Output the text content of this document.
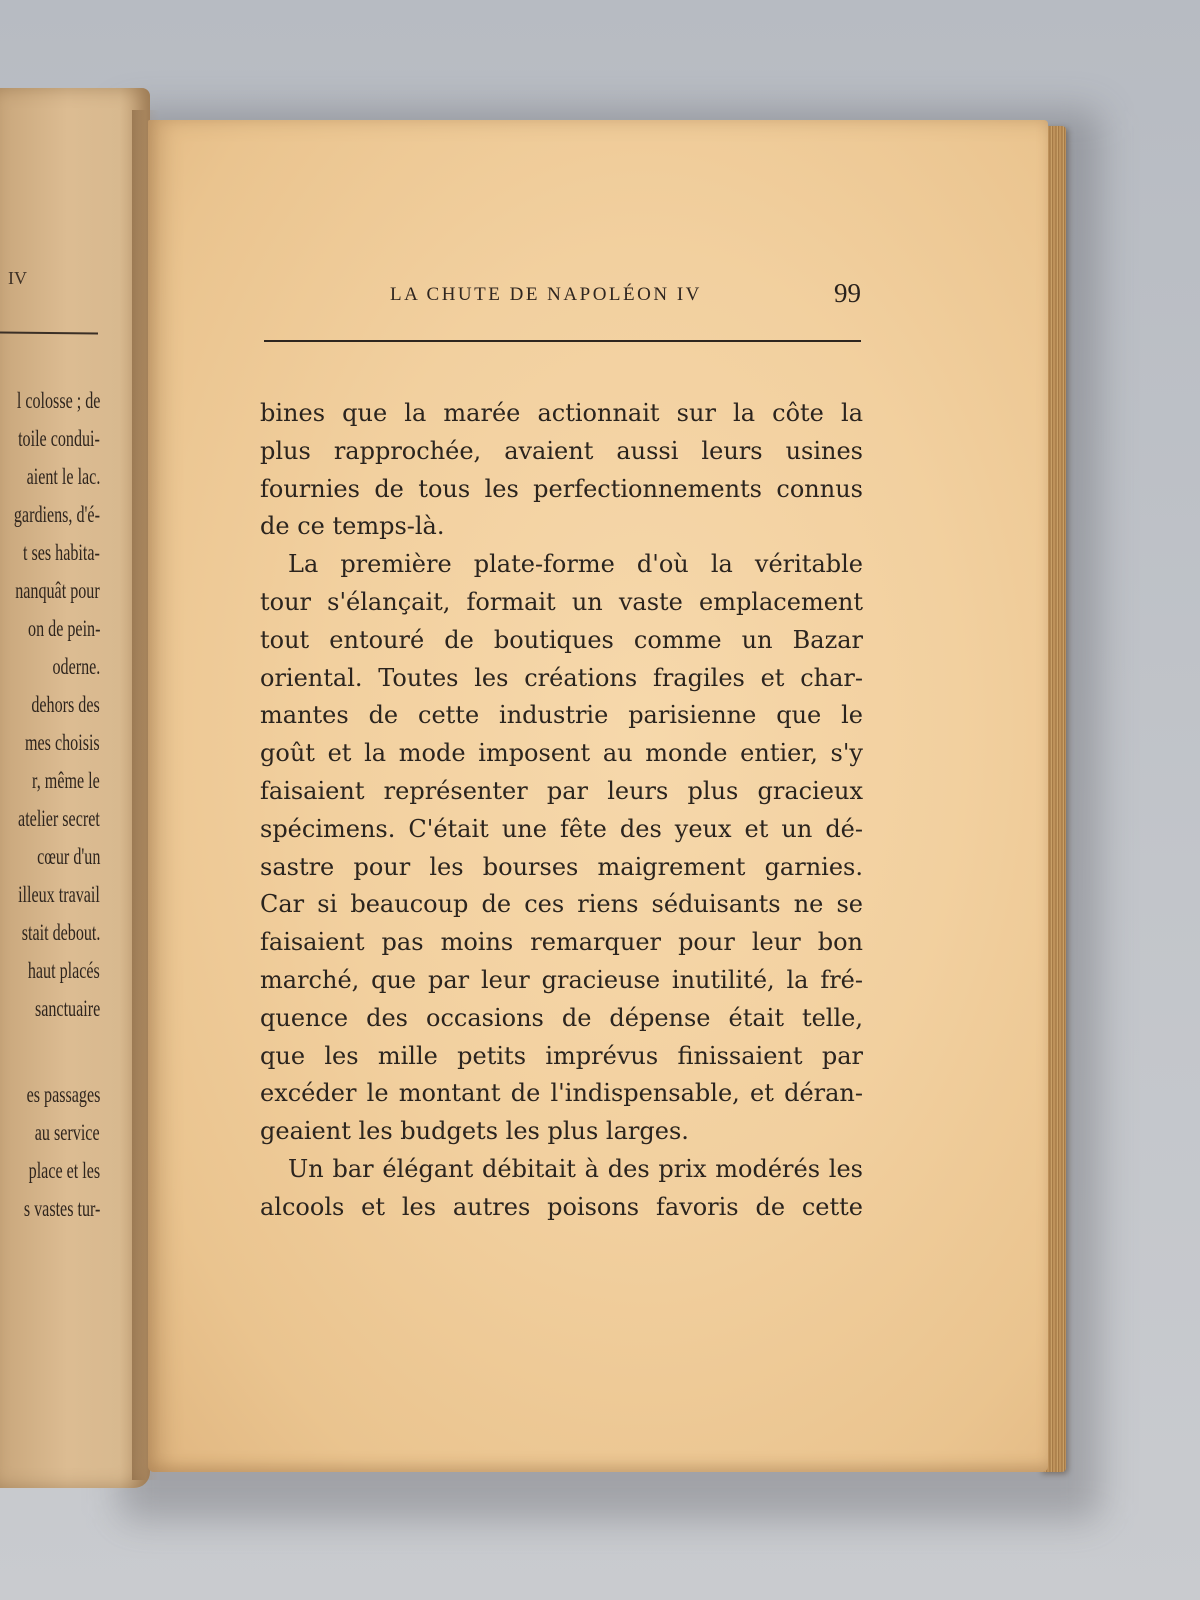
IV
l colosse ; de
toile condui-
aient le lac.
gardiens, d'é-
t ses habita-
nanquât pour
on de pein-
oderne.
dehors des
mes choisis
r, même le
atelier secret
cœur d'un
illeux travail
stait debout.
haut placés
sanctuaire
es passages
au service
place et les
s vastes tur-
LA CHUTE DE NAPOLÉON IV	99
bines que la marée actionnait sur la côte la
plus rapprochée, avaient aussi leurs usines
fournies de tous les perfectionnements connus
de ce temps-là.
La première plate-forme d'où la véritable
tour s'élançait, formait un vaste emplacement
tout entouré de boutiques comme un Bazar
oriental. Toutes les créations fragiles et char-
mantes de cette industrie parisienne que le
goût et la mode imposent au monde entier, s'y
faisaient représenter par leurs plus gracieux
spécimens. C'était une fête des yeux et un dé-
sastre pour les bourses maigrement garnies.
Car si beaucoup de ces riens séduisants ne se
faisaient pas moins remarquer pour leur bon
marché, que par leur gracieuse inutilité, la fré-
quence des occasions de dépense était telle,
que les mille petits imprévus finissaient par
excéder le montant de l'indispensable, et déran-
geaient les budgets les plus larges.
Un bar élégant débitait à des prix modérés les
alcools et les autres poisons favoris de cette
